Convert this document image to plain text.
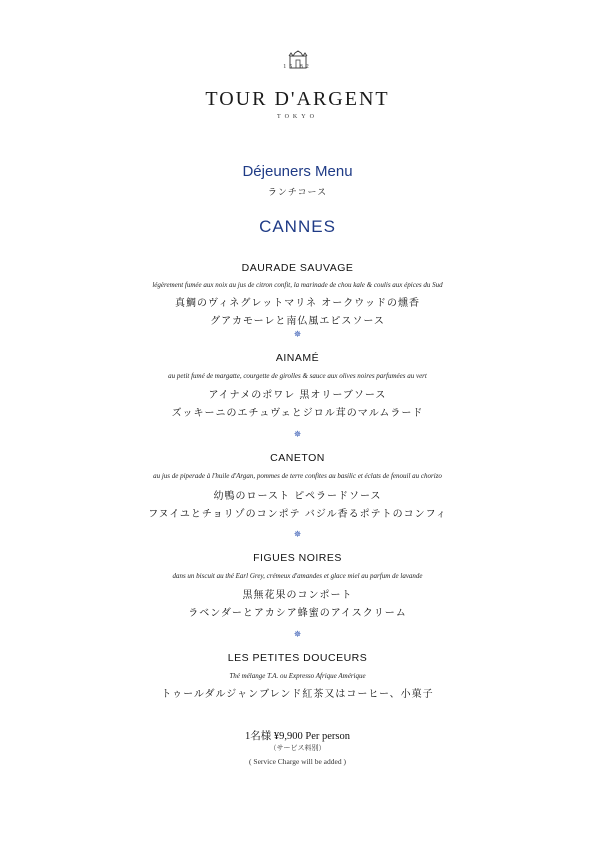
15 82
TOUR D'ARGENT
TOKYO
Déjeuners Menu
ランチコース
CANNES
DAURADE SAUVAGE
légèrement fumée aux noix au jus de citron confit, la marinade de chou kale & coulis aux épices du Sud
真鯛のヴィネグレットマリネ オークウッドの燻香
グアカモーレと南仏風エピスソース
✵
AINAMÉ
au petit fumé de margatte, courgette de girolles & sauce aux olives noires parfumées au vert
アイナメのポワレ 黒オリーブソース
ズッキーニのエチュヴェとジロル茸のマルムラード
✵
CANETON
au jus de piperade à l'huile d'Argan, pommes de terre confites au basilic et éclats de fenouil au chorizo
幼鴨のロースト ピペラードソース
フヌイユとチョリゾのコンポテ バジル香るポテトのコンフィ
✵
FIGUES NOIRES
dans un biscuit au thé Earl Grey, crémeux d'amandes et glace miel au parfum de lavande
黒無花果のコンポート
ラベンダーとアカシア蜂蜜のアイスクリーム
✵
LES PETITES DOUCEURS
Thé mélange T.A. ou Expresso Afrique Amérique
トゥールダルジャンブレンド紅茶又はコーヒー、小菓子
1名様 ¥9,900 Per person
（サービス料別）
( Service Charge will be added )
